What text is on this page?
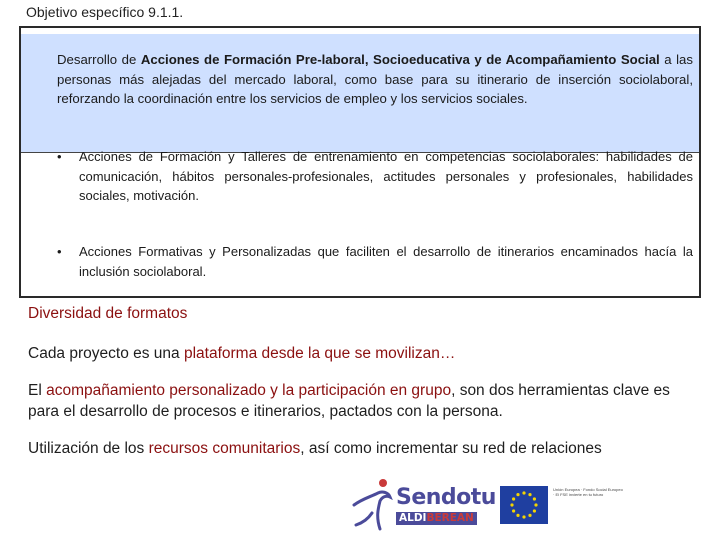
Objetivo específico 9.1.1.
Desarrollo de Acciones de Formación Pre-laboral, Socioeducativa y de Acompañamiento Social a las personas más alejadas del mercado laboral, como base para su itinerario de inserción sociolaboral, reforzando la coordinación entre los servicios de empleo y los servicios sociales.
•	Acciones de Formación y Talleres de entrenamiento en competencias sociolaborales: habilidades de comunicación, hábitos personales-profesionales, actitudes personales y profesionales, habilidades sociales, motivación.
•	Acciones Formativas y Personalizadas que faciliten el desarrollo de itinerarios encaminados hacía la inclusión sociolaboral.
Diversidad de formatos
Cada proyecto es una plataforma desde la que se movilizan…
El acompañamiento personalizado y la participación en grupo, son dos herramientas clave es para el desarrollo de procesos e itinerarios, pactados con la persona.
Utilización de los recursos comunitarios, así como incrementar su red de relaciones
Sendotu
ALDIBEREAN
Unión Europea · Fondo Social Europeo · El FSE invierte en tu futuro
